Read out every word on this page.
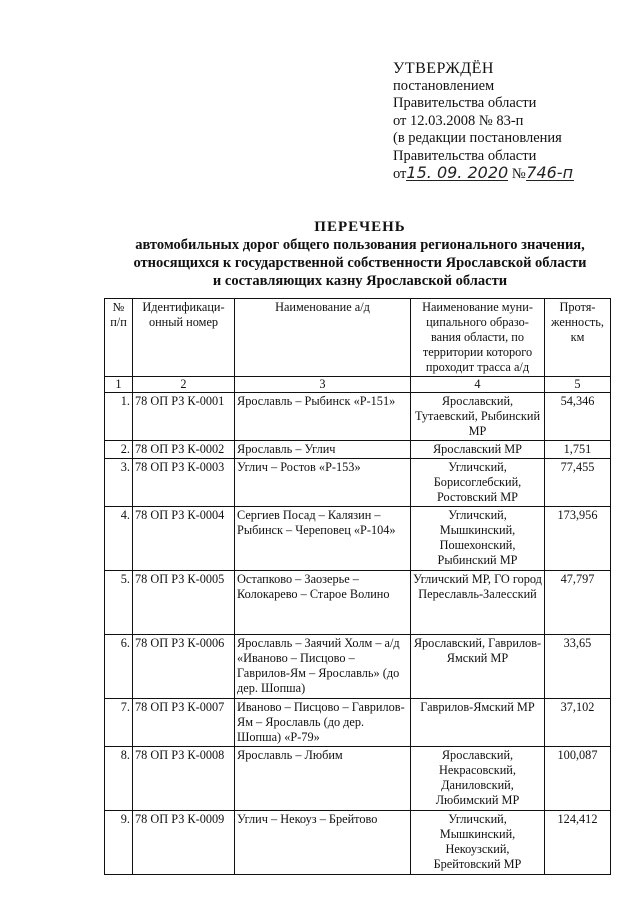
УТВЕРЖДЁН
постановлением
Правительства области
от 12.03.2008 № 83-п
(в редакции постановления
Правительства области
от15. 09. 2020 №746-п
ПЕРЕЧЕНЬ
автомобильных дорог общего пользования регионального значения,
относящихся к государственной собственности Ярославской области
и составляющих казну Ярославской области
№ п/п	Идентификаци-онный номер	Наименование а/д	Наименование муни-ципального образо-вания области, по территории которого проходит трасса а/д	Протя-женность, км
1	2	3	4	5
1.	78 ОП РЗ К-0001	Ярославль – Рыбинск «Р-151»	Ярославский, Тутаевский, Рыбинский МР	54,346
2.	78 ОП РЗ К-0002	Ярославль – Углич	Ярославский МР	1,751
3.	78 ОП РЗ К-0003	Углич – Ростов «Р-153»	Угличский, Борисоглебский, Ростовский МР	77,455
4.	78 ОП РЗ К-0004	Сергиев Посад – Калязин – Рыбинск – Череповец «Р-104»	Угличский, Мышкинский, Пошехонский, Рыбинский МР	173,956
5.	78 ОП РЗ К-0005	Остапково – Заозерье – Колокарево – Старое Волино	Угличский МР, ГО город Переславль-Залесский	47,797
6.	78 ОП РЗ К-0006	Ярославль – Заячий Холм – а/д «Иваново – Писцово – Гаврилов-Ям – Ярославль» (до дер. Шопша)	Ярославский, Гаврилов-Ямский МР	33,65
7.	78 ОП РЗ К-0007	Иваново – Писцово – Гаврилов-Ям – Ярославль (до дер. Шопша) «Р-79»	Гаврилов-Ямский МР	37,102
8.	78 ОП РЗ К-0008	Ярославль – Любим	Ярославский, Некрасовский, Даниловский, Любимский МР	100,087
9.	78 ОП РЗ К-0009	Углич – Некоуз – Брейтово	Угличский, Мышкинский, Некоузский, Брейтовский МР	124,412
